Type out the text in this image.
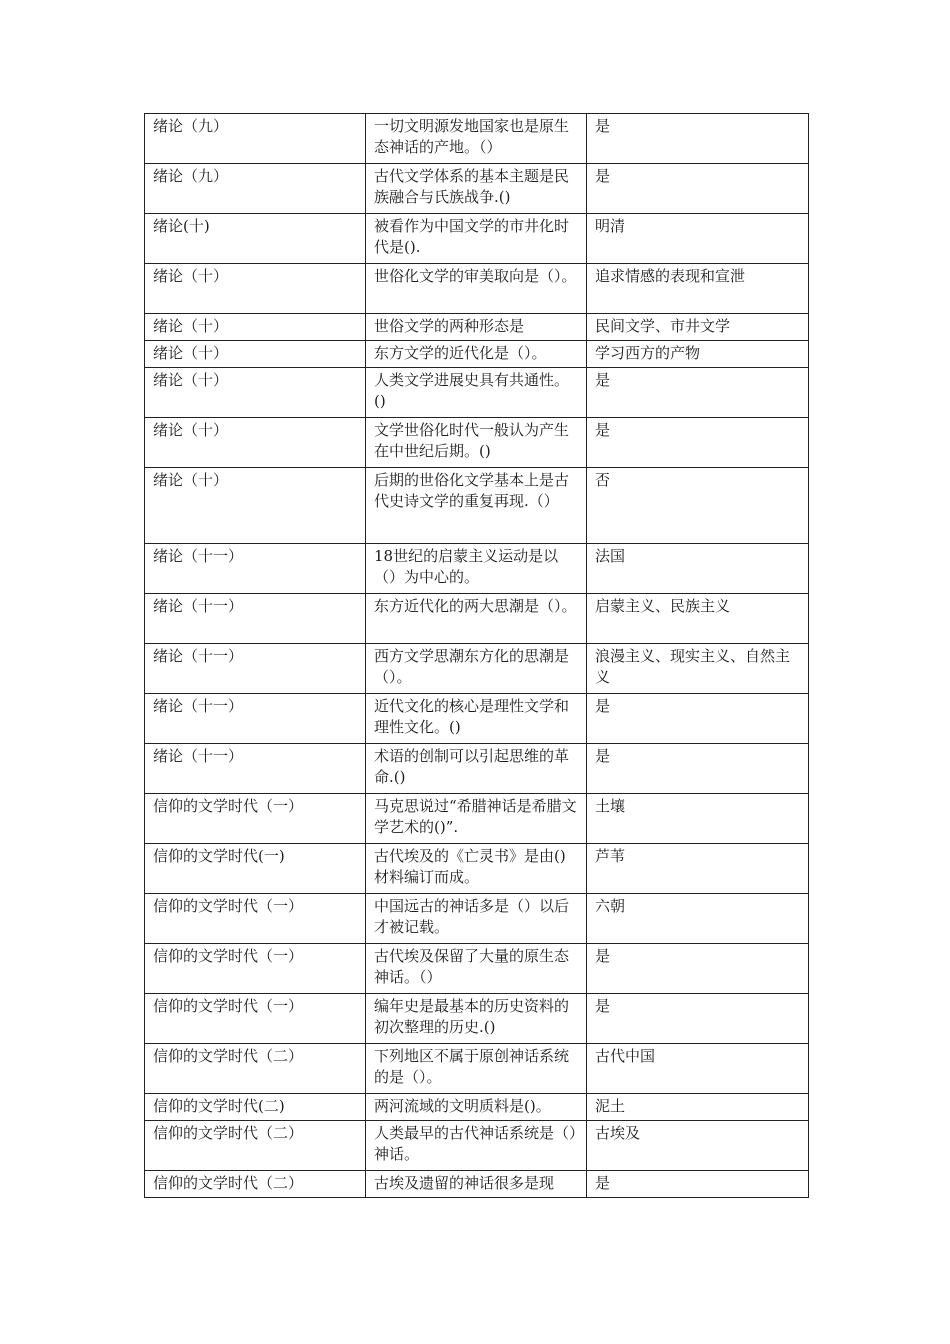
绪论（九）	一切文明源发地国家也是原生态神话的产地。（）	是
绪论（九）	古代文学体系的基本主题是民族融合与氏族战争.()	是
绪论(十)	被看作为中国文学的市井化时代是().	明清
绪论（十）	世俗化文学的审美取向是（）。	追求情感的表现和宣泄
绪论（十）	世俗文学的两种形态是	民间文学、市井文学
绪论（十）	东方文学的近代化是（）。	学习西方的产物
绪论（十）	人类文学进展史具有共通性。()	是
绪论（十）	文学世俗化时代一般认为产生在中世纪后期。()	是
绪论（十）	后期的世俗化文学基本上是古代史诗文学的重复再现.（）	否
绪论（十一）	18世纪的启蒙主义运动是以（）为中心的。	法国
绪论（十一）	东方近代化的两大思潮是（）。	启蒙主义、民族主义
绪论（十一）	西方文学思潮东方化的思潮是（）。	浪漫主义、现实主义、自然主义
绪论（十一）	近代文化的核心是理性文学和理性文化。()	是
绪论（十一）	术语的创制可以引起思维的革命.()	是
信仰的文学时代（一）	马克思说过“希腊神话是希腊文学艺术的()”.	土壤
信仰的文学时代(一)	古代埃及的《亡灵书》是由()材料编订而成。	芦苇
信仰的文学时代（一）	中国远古的神话多是（）以后才被记载。	六朝
信仰的文学时代（一）	古代埃及保留了大量的原生态神话。（）	是
信仰的文学时代（一）	编年史是最基本的历史资料的初次整理的历史.()	是
信仰的文学时代（二）	下列地区不属于原创神话系统的是（）。	古代中国
信仰的文学时代(二)	两河流域的文明质料是()。	泥土
信仰的文学时代（二）	人类最早的古代神话系统是（）神话。	古埃及
信仰的文学时代（二）	古埃及遗留的神话很多是现	是
